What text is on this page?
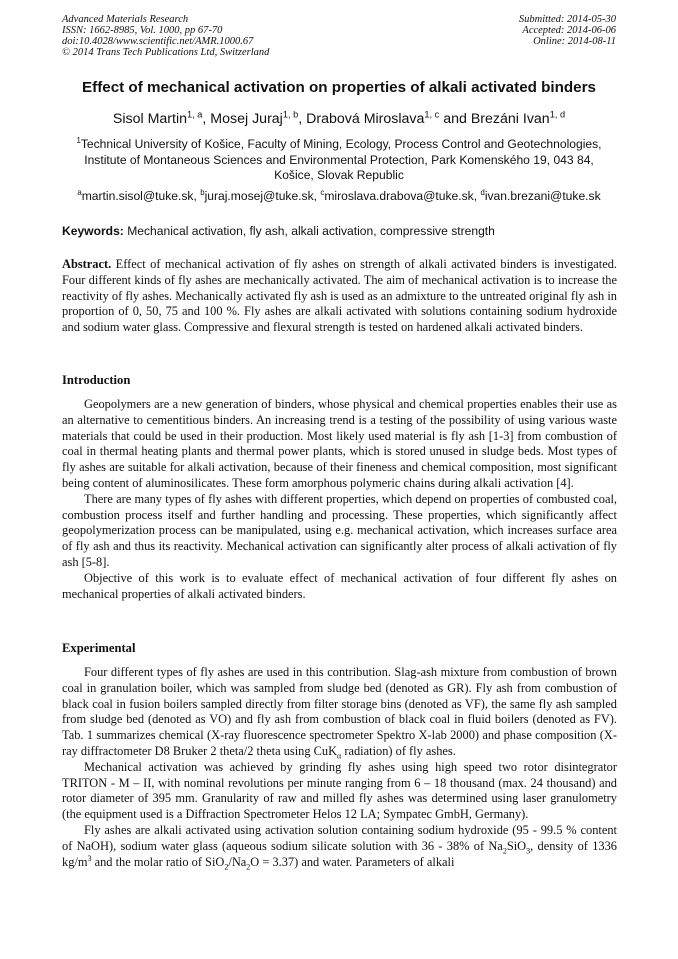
Advanced Materials Research
ISSN: 1662-8985, Vol. 1000, pp 67-70
doi:10.4028/www.scientific.net/AMR.1000.67
© 2014 Trans Tech Publications Ltd, Switzerland
Submitted: 2014-05-30
Accepted: 2014-06-06
Online: 2014-08-11
Effect of mechanical activation on properties of alkali activated binders
Sisol Martin$^{1, a}$, Mosej Juraj$^{1, b}$, Drabová Miroslava$^{1, c}$ and Brezáni Ivan$^{1, d}$
$^1$Technical University of Košice, Faculty of Mining, Ecology, Process Control and Geotechnologies,
Institute of Montaneous Sciences and Environmental Protection, Park Komenského 19, 043 84,
Košice, Slovak Republic
$^a$martin.sisol@tuke.sk, $^b$juraj.mosej@tuke.sk, $^c$miroslava.drabova@tuke.sk, $^d$ivan.brezani@tuke.sk
Keywords: Mechanical activation, fly ash, alkali activation, compressive strength

Abstract. Effect of mechanical activation of fly ashes on strength of alkali activated binders is investigated. Four different kinds of fly ashes are mechanically activated. The aim of mechanical activation is to increase the reactivity of fly ashes. Mechanically activated fly ash is used as an admixture to the untreated original fly ash in proportion of 0, 50, 75 and 100 %. Fly ashes are alkali activated with solutions containing sodium hydroxide and sodium water glass. Compressive and flexural strength is tested on hardened alkali activated binders.

Introduction

Geopolymers are a new generation of binders, whose physical and chemical properties enables their use as an alternative to cementitious binders. An increasing trend is a testing of the possibility of using various waste materials that could be used in their production. Most likely used material is fly ash [1-3] from combustion of coal in thermal heating plants and thermal power plants, which is stored unused in sludge beds. Most types of fly ashes are suitable for alkali activation, because of their fineness and chemical composition, most significant being content of aluminosilicates. These form amorphous polymeric chains during alkali activation [4].

There are many types of fly ashes with different properties, which depend on properties of combusted coal, combustion process itself and further handling and processing. These properties, which significantly affect geopolymerization process can be manipulated, using e.g. mechanical activation, which increases surface area of fly ash and thus its reactivity. Mechanical activation can significantly alter process of alkali activation of fly ash [5-8].

Objective of this work is to evaluate effect of mechanical activation of four different fly ashes on mechanical properties of alkali activated binders.

Experimental

Four different types of fly ashes are used in this contribution. Slag-ash mixture from combustion of brown coal in granulation boiler, which was sampled from sludge bed (denoted as GR). Fly ash from combustion of black coal in fusion boilers sampled directly from filter storage bins (denoted as VF), the same fly ash sampled from sludge bed (denoted as VO) and fly ash from combustion of black coal in fluid boilers (denoted as FV). Tab. 1 summarizes chemical (X-ray fluorescence spectrometer Spektro X-lab 2000) and phase composition (X-ray diffractometer D8 Bruker 2 theta/2 theta using CuK$_\alpha$ radiation) of fly ashes.

Mechanical activation was achieved by grinding fly ashes using high speed two rotor disintegrator TRITON - M – II, with nominal revolutions per minute ranging from 6 – 18 thousand (max. 24 thousand) and rotor diameter of 395 mm. Granularity of raw and milled fly ashes was determined using laser granulometry (the equipment used is a Diffraction Spectrometer Helos 12 LA; Sympatec GmbH, Germany).

Fly ashes are alkali activated using activation solution containing sodium hydroxide (95 - 99.5 % content of NaOH), sodium water glass (aqueous sodium silicate solution with 36 - 38% of $Na_2SiO_3$, density of 1336 $kg/m^3$ and the molar ratio of $SiO_2/Na_2O = 3.37$) and water. Parameters of alkali
